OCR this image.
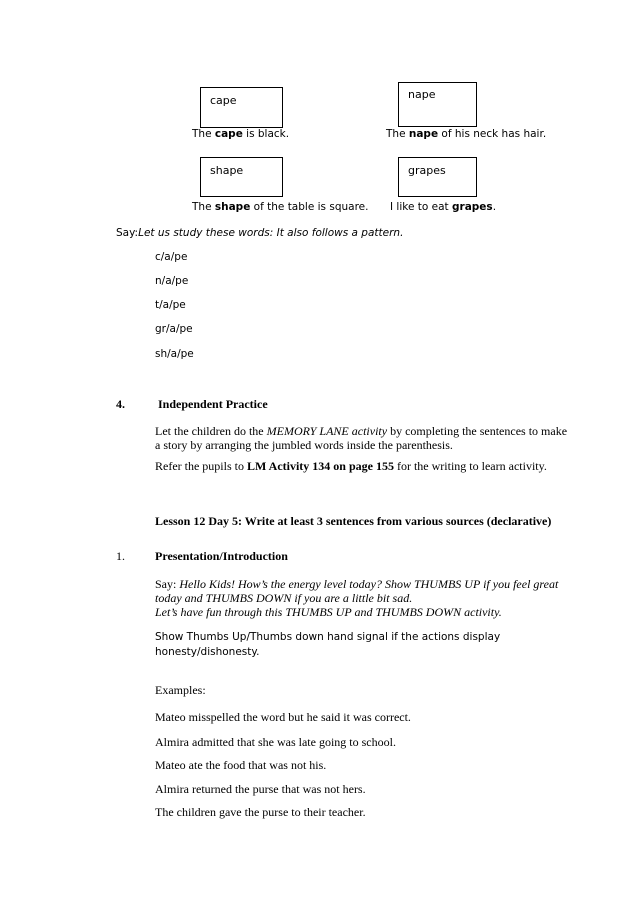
cape	nape
shape	grapes
The cape is black.	The nape of his neck has hair.
The shape of the table is square. I like to eat grapes.
Say:Let us study these words: It also follows a pattern.
c/a/pe
n/a/pe
t/a/pe
gr/a/pe
sh/a/pe
4.	Independent Practice
Let the children do the MEMORY LANE activity by completing the sentences to make
a story by arranging the jumbled words inside the parenthesis.
Refer the pupils to LM Activity 134 on page 155 for the writing to learn activity.
Lesson 12 Day 5: Write at least 3 sentences from various sources (declarative)
1.	Presentation/Introduction
Say: Hello Kids! How’s the energy level today? Show THUMBS UP if you feel great
today and THUMBS DOWN if you are a little bit sad.
Let’s have fun through this THUMBS UP and THUMBS DOWN activity.
Show Thumbs Up/Thumbs down hand signal if the actions display
honesty/dishonesty.
Examples:
Mateo misspelled the word but he said it was correct.
Almira admitted that she was late going to school.
Mateo ate the food that was not his.
Almira returned the purse that was not hers.
The children gave the purse to their teacher.
